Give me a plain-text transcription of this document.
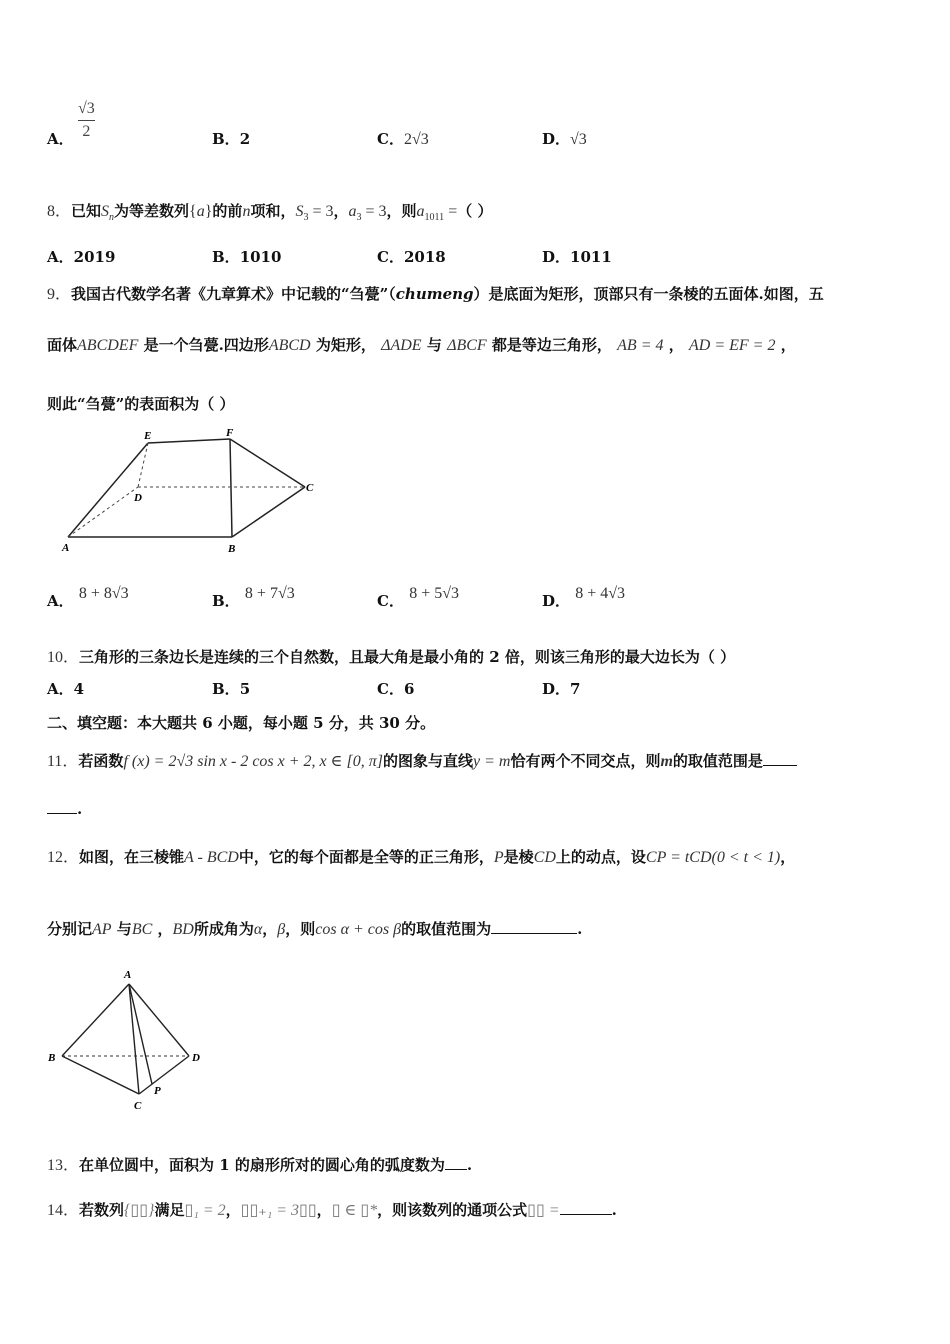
A．
√3
2	B．2	C．2√3	D．√3
8．已知$S_n$为等差数列{a}的前n项和，$S_3 = 3$，$a_3 = 3$，则$a_{1011}$ =（ ）
A．2019	B．1010	C．2018	D．1011
9．我国古代数学名著《九章算术》中记载的“刍甍”（chumeng）是底面为矩形，顶部只有一条棱的五面体.如图，五
面体ABCDEF 是一个刍甍.四边形ABCD 为矩形， ΔADE 与 ΔBCF 都是等边三角形， AB = 4 ， AD = EF = 2 ，
则此“刍甍”的表面积为（ ）
A	B
C
D
E	F
A． 8 + 8√3	B． 8 + 7√3	C． 8 + 5√3	D． 8 + 4√3
10．三角形的三条边长是连续的三个自然数，且最大角是最小角的 2 倍，则该三角形的最大边长为（ ）
A．4	B．5	C．6	D．7
二、填空题：本大题共 6 小题，每小题 5 分，共 30 分。
11．若函数f (x) = 2√3 sin x - 2 cos x + 2, x ∈ [0, π]的图象与直线y = m恰有两个不同交点，则m的取值范围是
.
12．如图，在三棱锥A - BCD中，它的每个面都是全等的正三角形，P是棱CD上的动点，设CP = tCD(0 < t < 1)，
分别记AP 与BC ，BD所成角为α，β，则cos α + cos β的取值范围为	.
A
B
C
D
P
13．在单位圆中，面积为 1 的扇形所对的圆心角的弧度数为 .
14．若数列{▯▯}满足▯₁ = 2，▯▯₊₁ = 3▯▯，▯ ∈ ▯*，则该数列的通项公式▯▯ =	.
